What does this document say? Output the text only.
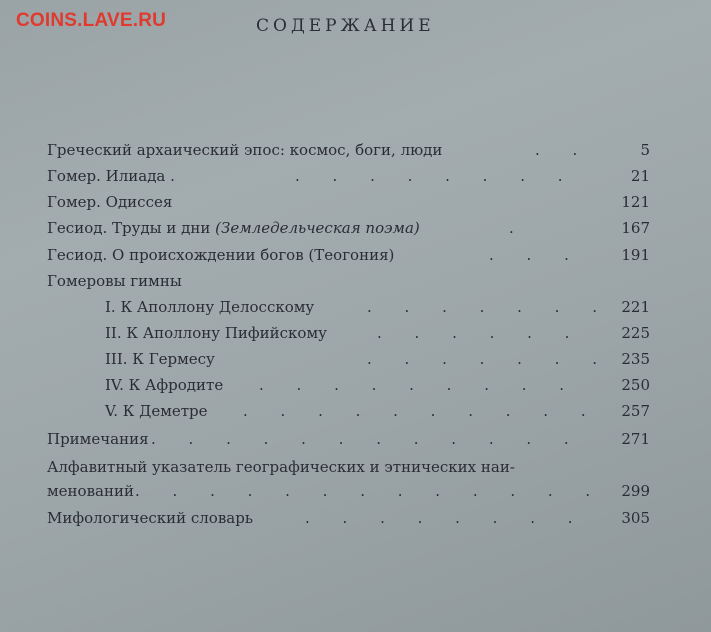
COINS.LAVE.RU	СОДЕРЖАНИЕ
Греческий архаический эпос: космос, боги, люди	. .	5
Гомер. Илиада .	. . . . . . . .	21
Гомер. Одиссея	121
Гесиод. Труды и дни (Земледельческая поэма)	.	167
Гесиод. О происхождении богов (Теогония)	. . .	191
Гомеровы гимны
I. К Аполлону Делосскому	. . . . . . . 221
II. К Аполлону Пифийскому	. . . . . .	225
III. К Гермесу	. . . . . . . 235
IV. К Афродите . . . . . . . . .	250
V. К Деметре . . . . . . . . . . 257
Примечания . . . . . . . . . . . .	271
Алфавитный указатель географических и этнических наи-
менований . . . . . . . . . . . . . 299
Мифологический словарь	. . . . . . . . 305
